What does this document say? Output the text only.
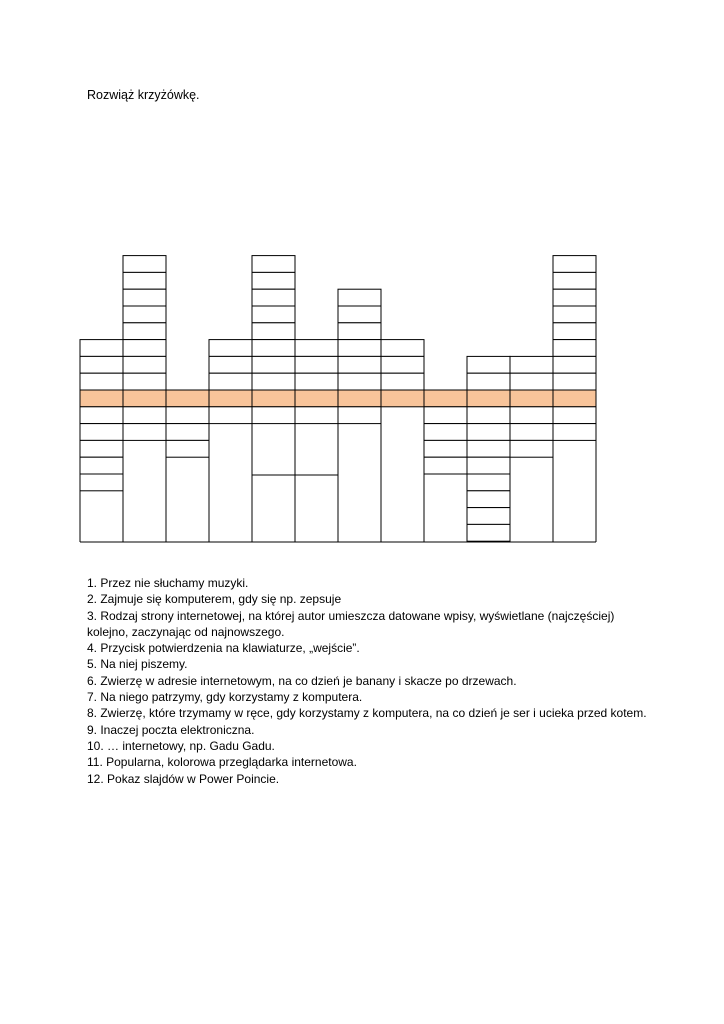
Rozwiąż krzyżówkę.
1. Przez nie słuchamy muzyki.
2. Zajmuje się komputerem, gdy się np. zepsuje
3. Rodzaj strony internetowej, na której autor umieszcza datowane wpisy, wyświetlane (najczęściej) kolejno, zaczynając od najnowszego.
4. Przycisk potwierdzenia na klawiaturze, „wejście”.
5. Na niej piszemy.
6. Zwierzę w adresie internetowym, na co dzień je banany i skacze po drzewach.
7. Na niego patrzymy, gdy korzystamy z komputera.
8. Zwierzę, które trzymamy w ręce, gdy korzystamy z komputera, na co dzień je ser i ucieka przed kotem.
9. Inaczej poczta elektroniczna.
10. … internetowy, np. Gadu Gadu.
11. Popularna, kolorowa przeglądarka internetowa.
12. Pokaz slajdów w Power Poincie.
